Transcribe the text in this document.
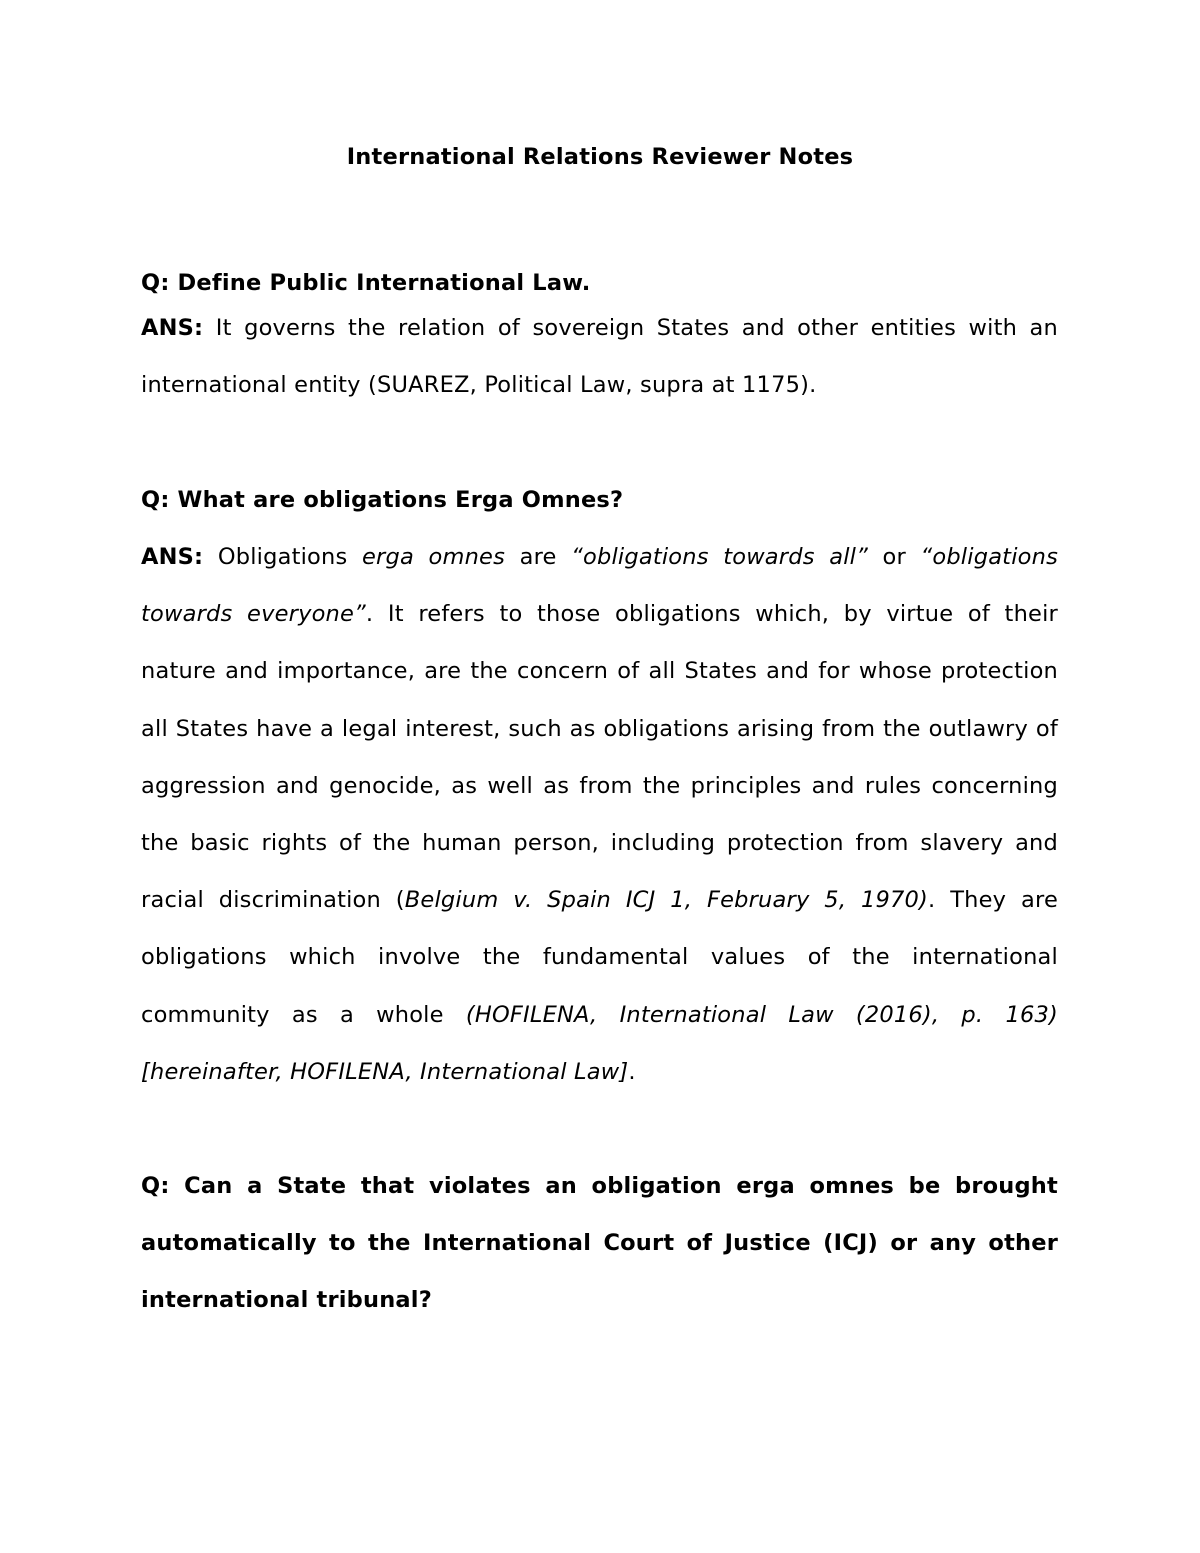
International Relations Reviewer Notes

Q: Define Public International Law.

ANS: It governs the relation of sovereign States and other entities with an international entity (SUAREZ, Political Law, supra at 1175).

Q: What are obligations Erga Omnes?

ANS: Obligations erga omnes are “obligations towards all” or “obligations towards everyone”. It refers to those obligations which, by virtue of their nature and importance, are the concern of all States and for whose protection all States have a legal interest, such as obligations arising from the outlawry of aggression and genocide, as well as from the principles and rules concerning the basic rights of the human person, including protection from slavery and racial discrimination (Belgium v. Spain ICJ 1, February 5, 1970). They are obligations which involve the fundamental values of the international community as a whole (HOFILENA, International Law (2016), p. 163) [hereinafter, HOFILENA, International Law].

Q: Can a State that violates an obligation erga omnes be brought automatically to the International Court of Justice (ICJ) or any other international tribunal?
